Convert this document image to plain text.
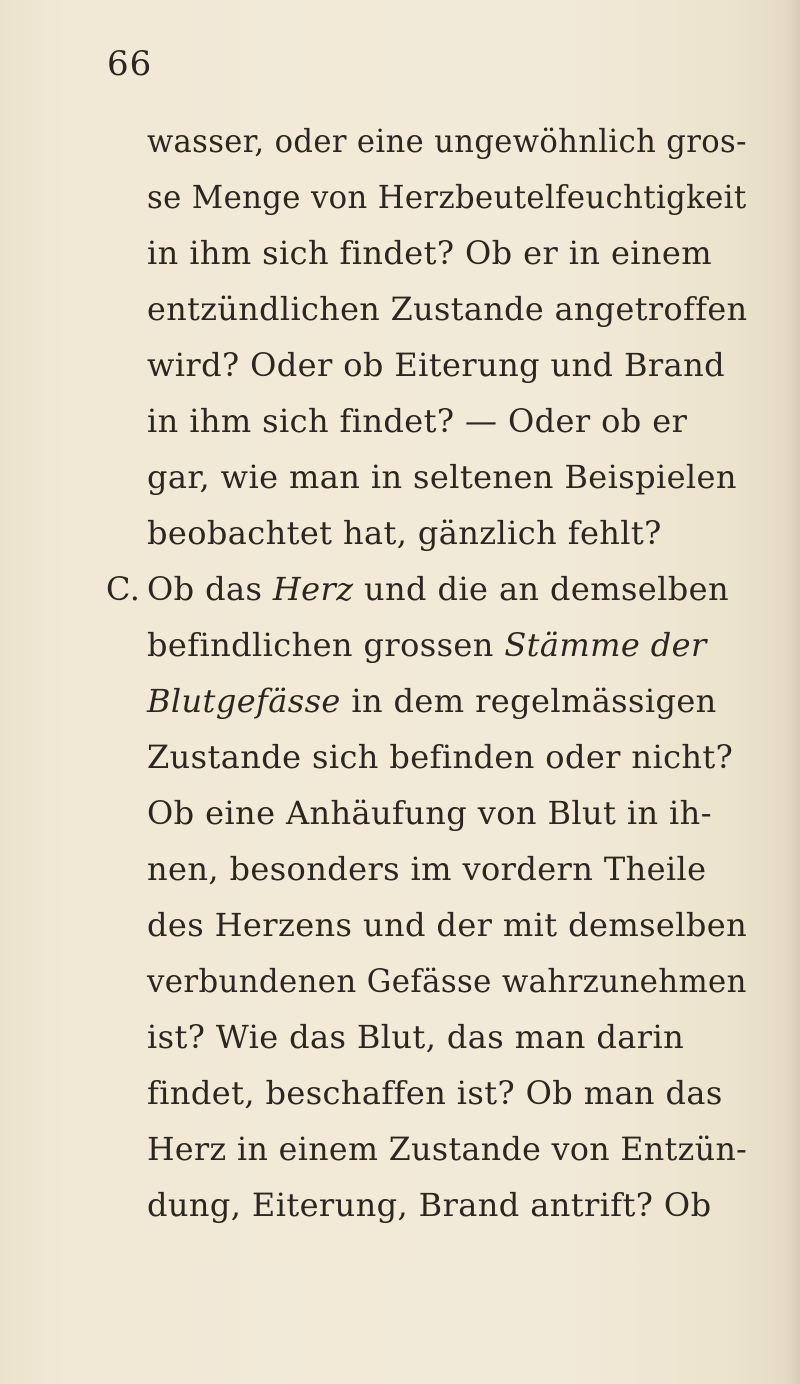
66
wasser, oder eine ungewöhnlich gros-
se Menge von Herzbeutelfeuchtigkeit
in ihm sich findet? Ob er in einem
entzündlichen Zustande angetroffen
wird? Oder ob Eiterung und Brand
in ihm sich findet? — Oder ob er
gar, wie man in seltenen Beispielen
beobachtet hat, gänzlich fehlt?
C. Ob das Herz und die an demselben
befindlichen grossen Stämme der
Blutgefässe in dem regelmässigen
Zustande sich befinden oder nicht?
Ob eine Anhäufung von Blut in ih-
nen, besonders im vordern Theile
des Herzens und der mit demselben
verbundenen Gefässe wahrzunehmen
ist? Wie das Blut, das man darin
findet, beschaffen ist? Ob man das
Herz in einem Zustande von Entzün-
dung, Eiterung, Brand antrift? Ob
